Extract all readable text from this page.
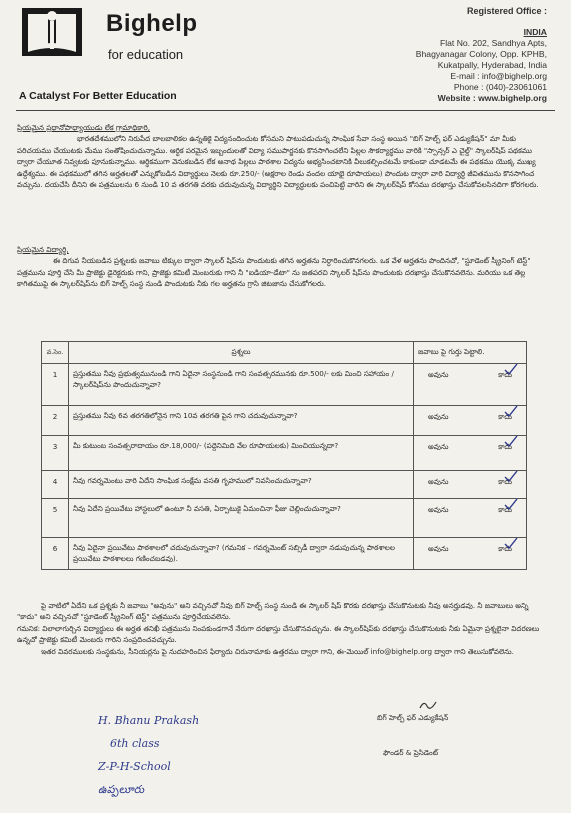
Bighelp
for education
A Catalyst For Better Education
Registered Office :
INDIA
Flat No. 202, Sandhya Apts,
Bhagyanagar Colony, Opp. KPHB,
Kukatpally, Hyderabad, India
E-mail : info@bighelp.org
Phone : (040)-23061061
Website : www.bighelp.org
ప్రియమైన ప్రధానోపాధ్యాయుడు లేక గ్రామాధికారి,
భారతదేశములోని నిరుపేద బాలబాలికల ఉన్నతికై విద్యనందించుట కోసమని పాటుపడుచున్న సాంఘిక సేవా సంస్థ అయిన "బిగ్ హెల్ప్ ఫర్ ఎడ్యుకేషన్" మా మీకు పరిచయము చేయుటకు మేము సంతోషించుచున్నాము. ఆర్థిక పరమైన ఇబ్బందులతో విద్యా సముపార్జనకు కొనసాగించలేని పిల్లల సౌకర్యార్థము వారికి "స్పాన్సర్ ఎ చైల్డ్" స్కాలర్‌షిప్ పథకము ద్వారా చేయూత నివ్వటకు పూనుకున్నాము. ఆర్థికముగా వెనుకబడిన లేక అనాథ పిల్లలు పాఠశాల విద్యను అభ్యసించటానికి వీలుకల్పించటమే కాకుండా చూడటమే ఈ పథకము యొక్క ముఖ్య ఉద్దేశ్యము. ఈ పథకములో తగిన అర్హతలతో ఎన్నుకోబడిన విద్యార్థులు నెలకు రూ.250/- (అక్షరాల రెండు వందల యాభై రూపాయలు) పొందుట ద్వారా వారి విద్యార్థి జీవితమును కొనసాగించ వచ్చును. దయచేసి దీనిని ఈ పత్రములను 6 నుండి 10 వ తరగతి వరకు చదువుచున్న విద్యార్థిని విద్యార్థులకు పంచిపెట్టి వారిని ఈ స్కాలర్‌షిప్ కోసము దరఖాస్తు చేసుకోవలసినదిగా కోరగలరు.
ప్రియమైన విద్యార్థి,
ఈ దిగువ నీయబడిన ప్రశ్నలకు జవాబు టిక్కుల ద్వారా స్కాలర్ షిప్‌ను పొందుటకు తగిన అర్హతను నిర్ధారించుకొనగలరు. ఒక వేళ అర్హతను పొందినచో, "స్టూడెంట్ స్క్రీనింగ్ టెస్ట్" పత్రమును పూర్తి చేసి మీ ప్రాజెక్టు డైరెక్టరుకు గాని, ప్రాజెక్టు కమిటీ మెంబరుకు గాని నీ "ఐడియా-డేటా" ను జతపరచి స్కాలర్ షిప్‌ను పొందుటకు దరఖాస్తు చేసుకొనవలెను. మరియు ఒక తెల్ల కాగితముపై ఈ స్కాలర్‌షిప్‌ను బిగ్ హెల్ప్ సంస్థ నుండి పొందుటకు నీకు గల అర్హతను గ్రాసి జిటజాను చేసుకోగలరు.
వ.సెం.	ప్రశ్నలు	జవాబు పై గుర్తు పెట్టాలి.
1	ప్రస్తుతము నీవు ప్రభుత్వమునుండి గాని ఏదైనా సంస్థనుండి గాని సంవత్సరమునకు రూ.500/- లకు మించి సహాయం / స్కాలర్‌షిప్‌ను పొందుచున్నావా?	అవును కాదు

2	ప్రస్తుతము నీవు 6వ తరగతిలోనైన గాని 10వ తరగతి పైన గాని చదువుచున్నావా?	అవును కాదు

3	మీ కుటుంబ సంవత్సరాదాయం రూ.18,000/- (పద్దెనిమిది వేల రూపాయలకు) మించియున్నదా?	అవును కాదు

4	నీవు గవర్నమెంటు వారి ఏదేని సాంఘిక సంక్షేమ వసతి గృహములో నివసించుచున్నావా?	అవును కాదు

5	నీవు ఏదేని ప్రయివేటు హాస్టలులో ఉంటూ నీ వసతి, ఏర్పాటుకై ఏమంచినా ఫీజు చెల్లించుచున్నావా?	అవును కాదు

6	నీవు ఏదైనా ప్రయివేటు పాఠశాలలో చదువుచున్నావా? (గమనిక – గవర్నమెంట్ సబ్సిడీ ద్వారా నడుపుచున్న పాఠశాలల ప్రయివేటు పాఠశాలలు గణించబడవు).	అవును కాదు
పై వాటిలో ఏదేని ఒక ప్రశ్నకు నీ జవాబు "అవును" అని వచ్చినచో నీవు బిగ్ హెల్ప్ సంస్థ నుండి ఈ స్కాలర్ షిప్ కొరకు దరఖాస్తు చేసుకొనుటకు నీవు అనర్హుడవు. నీ జవాబులు అన్ని "కాదు" అని వచ్చినచో "స్టూడెంట్ స్క్రీనింగ్ టెస్ట్" పత్రమును పూర్తిచేయవలెను.
గమనిక: విలాలాగుర్చిన విద్యార్థులు ఈ అర్హత తనిఖీ పత్రమును నింపకుండగానే నేరుగా దరఖాస్తు చేసుకొనవచ్చును. ఈ స్కాలర్‌షిప్‌కు దరఖాస్తు చేసుకొనుటకు నీకు ఏమైనా ప్రశ్నలైనా విదరణలు ఉన్నచో ప్రాజెక్టు కమిటీ మెంబరు గారిని సంప్రదించవచ్చును.
ఇతర వివరములకు సంస్థకును, సీనియర్లను పై నుదహరించిన ఫిర్యాదు చిరునామాకు ఉత్తరము ద్వారా గాని, ఈ-మెయిల్ info@bighelp.org ద్వారా గాని తెలుసుకోవలెను.
H. Bhanu Prakash
6th class
Z-P-H-School
ఉప్పలూరు
బిగ్ హెల్ప్ ఫర్ ఎడ్యుకేషన్
ఫౌండర్ & ప్రెసిడెంట్
